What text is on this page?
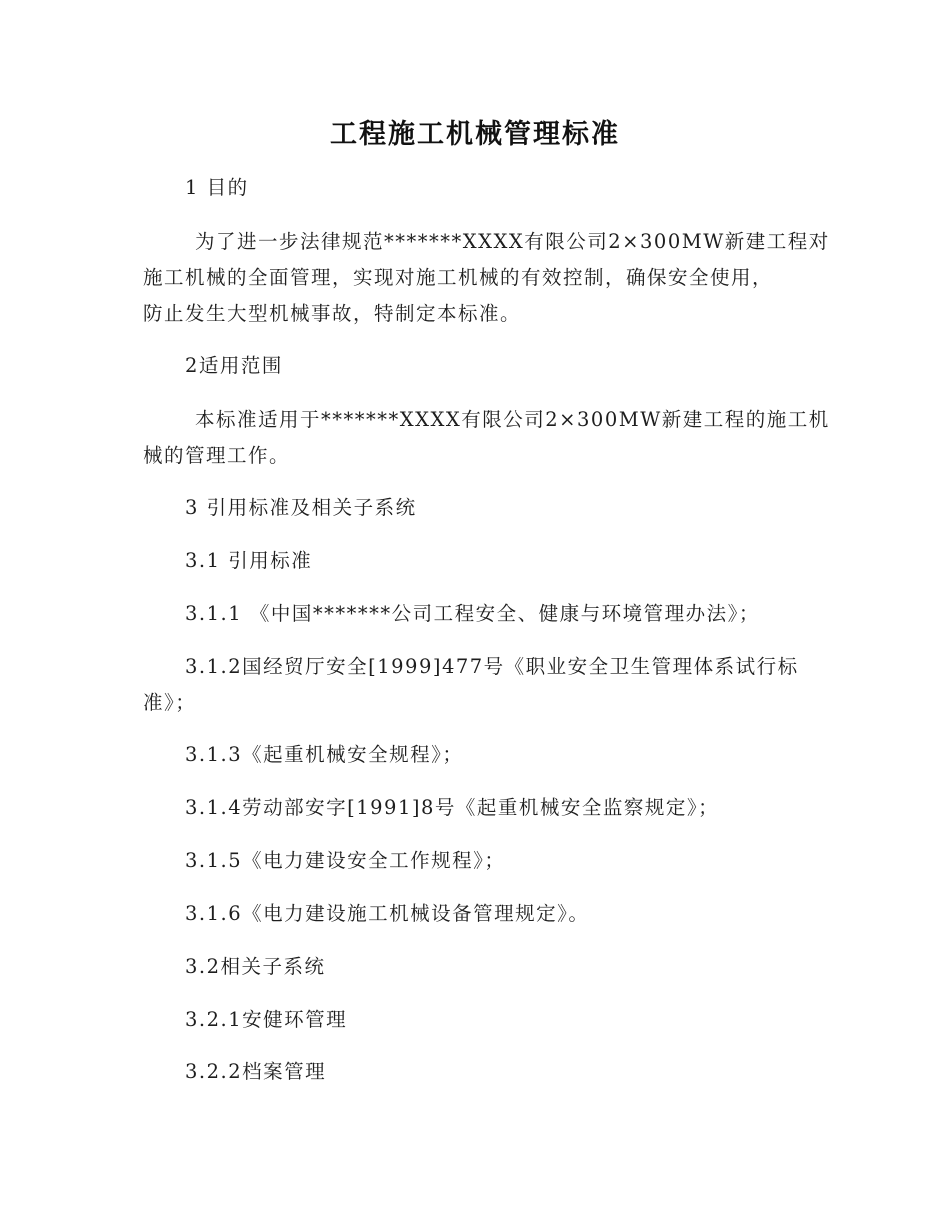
工程施工机械管理标准
1 目的
为了进一步法律规范*******XXXX有限公司2×300MW新建工程对
施工机械的全面管理，实现对施工机械的有效控制，确保安全使用，
防止发生大型机械事故，特制定本标准。
2适用范围
本标准适用于*******XXXX有限公司2×300MW新建工程的施工机
械的管理工作。
3 引用标准及相关子系统
3.1 引用标准
3.1.1 《中国*******公司工程安全、健康与环境管理办法》；
3.1.2国经贸厅安全[1999]477号《职业安全卫生管理体系试行标
准》；
3.1.3《起重机械安全规程》；
3.1.4劳动部安字[1991]8号《起重机械安全监察规定》；
3.1.5《电力建设安全工作规程》；
3.1.6《电力建设施工机械设备管理规定》。
3.2相关子系统
3.2.1安健环管理
3.2.2档案管理
